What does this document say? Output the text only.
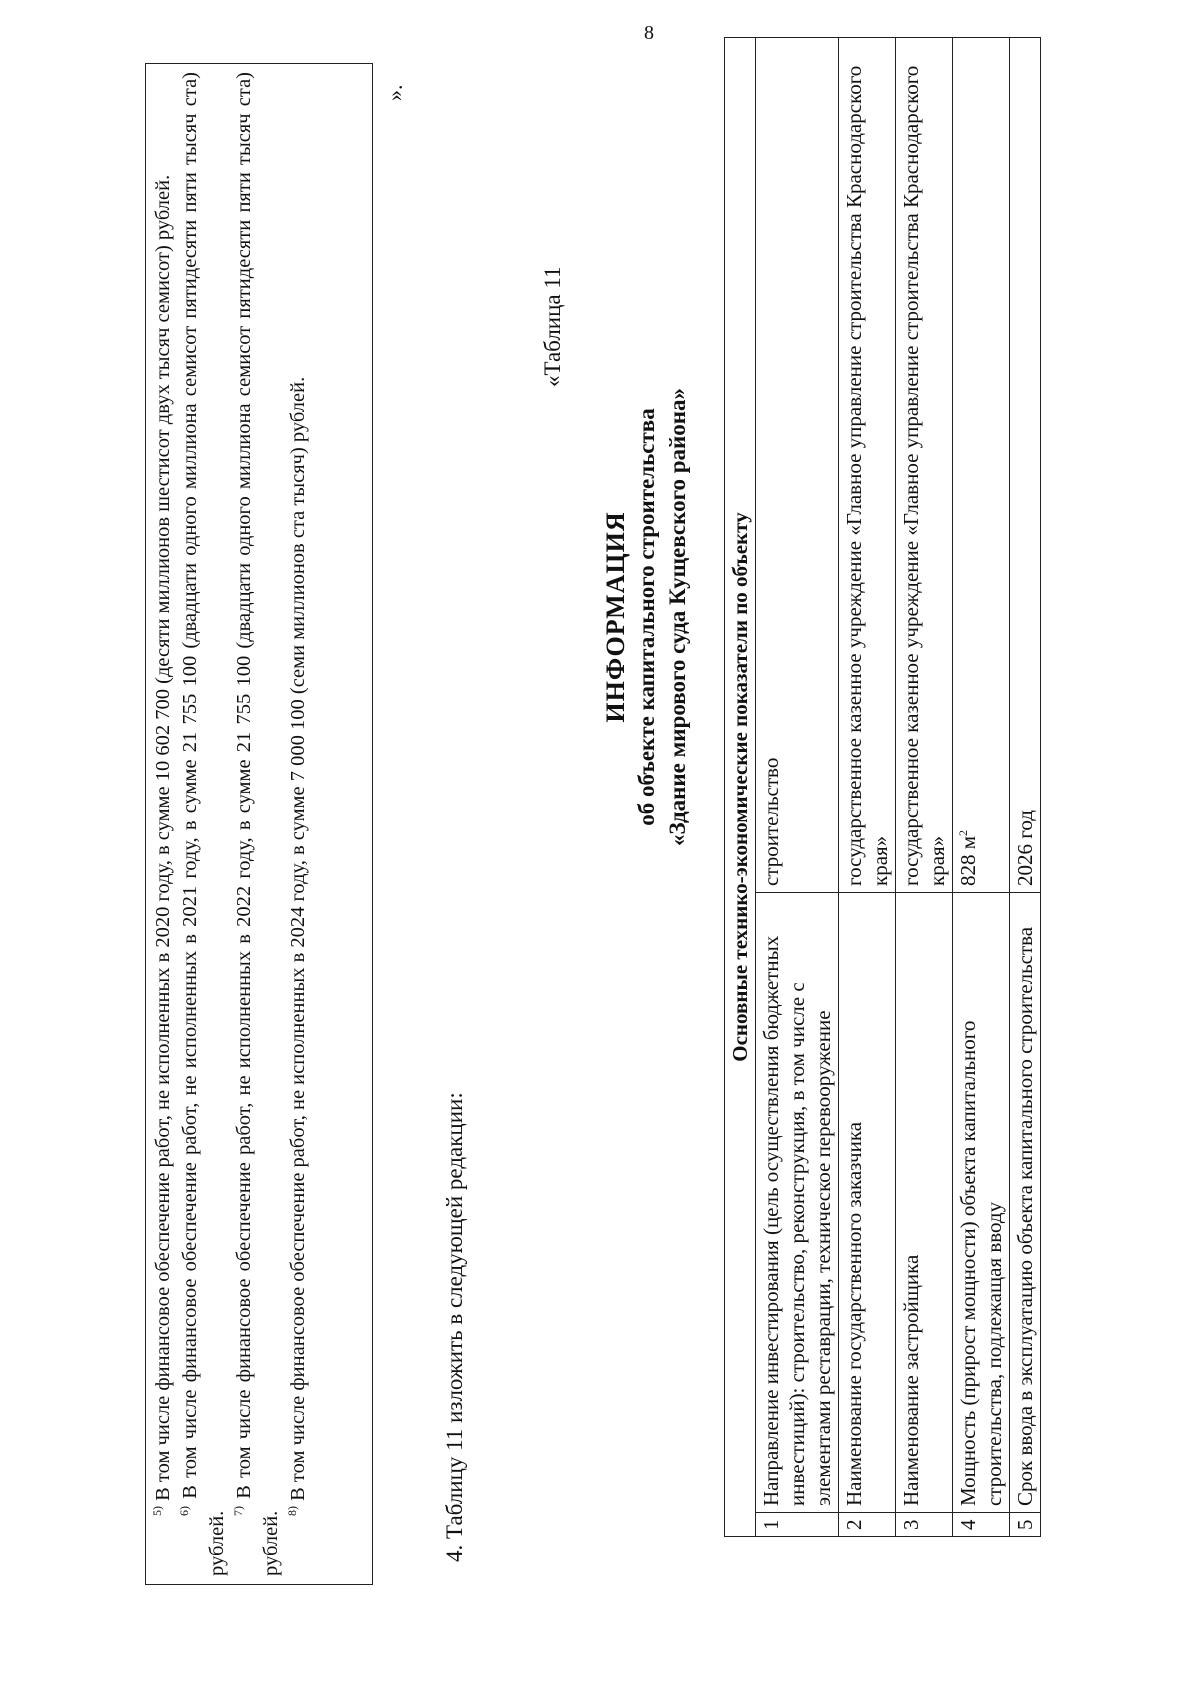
8

$^{5)}$ В том числе финансовое обеспечение работ, не исполненных в 2020 году, в сумме 10 602 700 (десяти миллионов шестисот двух тысяч семисот) рублей.

$^{6)}$ В том числе финансовое обеспечение работ, не исполненных в 2021 году, в сумме 21 755 100 (двадцати одного миллиона семисот пятидесяти пяти тысяч ста) рублей. $^{7)}$ В том числе финансовое обеспечение работ, не исполненных в 2022 году, в сумме 21 755 100 (двадцати одного миллиона семисот пятидесяти пяти тысяч ста) рублей. $^{8)}$ В том числе финансовое обеспечение работ, не исполненных в 2024 году, в сумме 7 000 100 (семи миллионов ста тысяч) рублей.

».
4. Таблицу 11 изложить в следующей редакции:
«Таблица 11
ИНФОРМАЦИЯ об объекте капитального строительства «Здание мирового суда Кущевского района» Основные технико-экономические показатели по объекту		
1	Направление инвестирования (цель осуществления бюджетных инвестиций): строительство, реконструкция, в том числе с элементами реставрации, техническое перевооружение	строительство
2	Наименование государственного заказчика	государственное казенное учреждение «Главное управление строительства Краснодарского края»
3	Наименование застройщика	государственное казенное учреждение «Главное управление строительства Краснодарского края»
4	Мощность (прирост мощности) объекта капитального строительства, подлежащая вводу	828 $м^2$
5	Срок ввода в эксплуатацию объекта капитального строительства	2026 год
